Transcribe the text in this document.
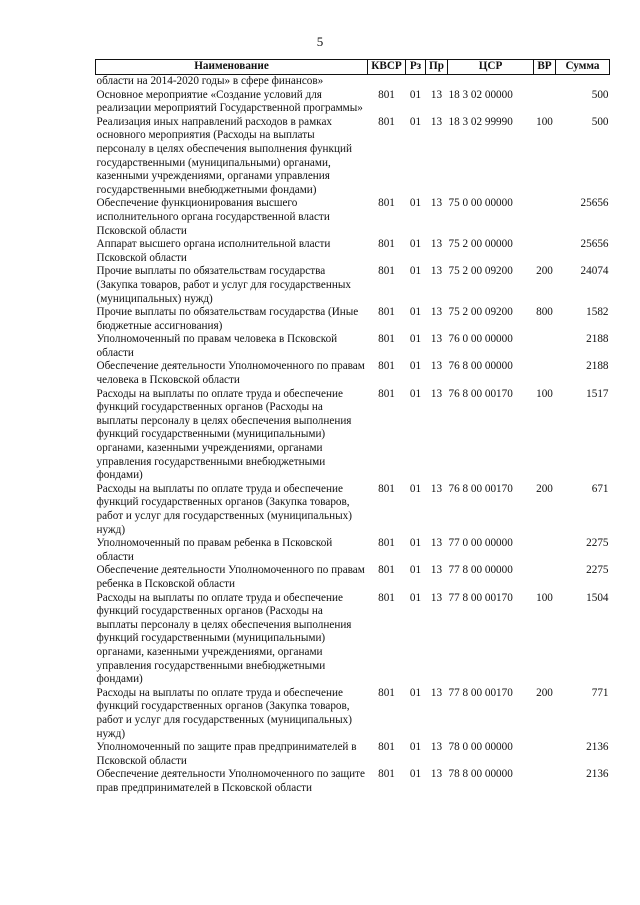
5
Наименование	КВСР	Рз	Пр	ЦСР	ВР	Сумма
области на 2014-2020 годы» в сфере финансов»						
Основное мероприятие «Создание условий для реализации мероприятий Государственной программы»	801	01	13	18 3 02 00000		500
Реализация иных направлений расходов в рамках основного мероприятия (Расходы на выплаты персоналу в целях обеспечения выполнения функций государственными (муниципальными) органами, казенными учреждениями, органами управления государственными внебюджетными фондами)	801	01	13	18 3 02 99990	100	500
Обеспечение функционирования высшего исполнительного органа государственной власти Псковской области	801	01	13	75 0 00 00000		25656
Аппарат высшего органа исполнительной власти Псковской области	801	01	13	75 2 00 00000		25656
Прочие выплаты по обязательствам государства (Закупка товаров, работ и услуг для государственных (муниципальных) нужд)	801	01	13	75 2 00 09200	200	24074
Прочие выплаты по обязательствам государства (Иные бюджетные ассигнования)	801	01	13	75 2 00 09200	800	1582
Уполномоченный по правам человека в Псковской области	801	01	13	76 0 00 00000		2188
Обеспечение деятельности Уполномоченного по правам человека в Псковской области	801	01	13	76 8 00 00000		2188
Расходы на выплаты по оплате труда и обеспечение функций государственных органов (Расходы на выплаты персоналу в целях обеспечения выполнения функций государственными (муниципальными) органами, казенными учреждениями, органами управления государственными внебюджетными фондами)	801	01	13	76 8 00 00170	100	1517
Расходы на выплаты по оплате труда и обеспечение функций государственных органов (Закупка товаров, работ и услуг для государственных (муниципальных) нужд)	801	01	13	76 8 00 00170	200	671
Уполномоченный по правам ребенка в Псковской области	801	01	13	77 0 00 00000		2275
Обеспечение деятельности Уполномоченного по правам ребенка в Псковской области	801	01	13	77 8 00 00000		2275
Расходы на выплаты по оплате труда и обеспечение функций государственных органов (Расходы на выплаты персоналу в целях обеспечения выполнения функций государственными (муниципальными) органами, казенными учреждениями, органами управления государственными внебюджетными фондами)	801	01	13	77 8 00 00170	100	1504
Расходы на выплаты по оплате труда и обеспечение функций государственных органов (Закупка товаров, работ и услуг для государственных (муниципальных) нужд)	801	01	13	77 8 00 00170	200	771
Уполномоченный по защите прав предпринимателей в Псковской области	801	01	13	78 0 00 00000		2136
Обеспечение деятельности Уполномоченного по защите прав предпринимателей в Псковской области	801	01	13	78 8 00 00000		2136
